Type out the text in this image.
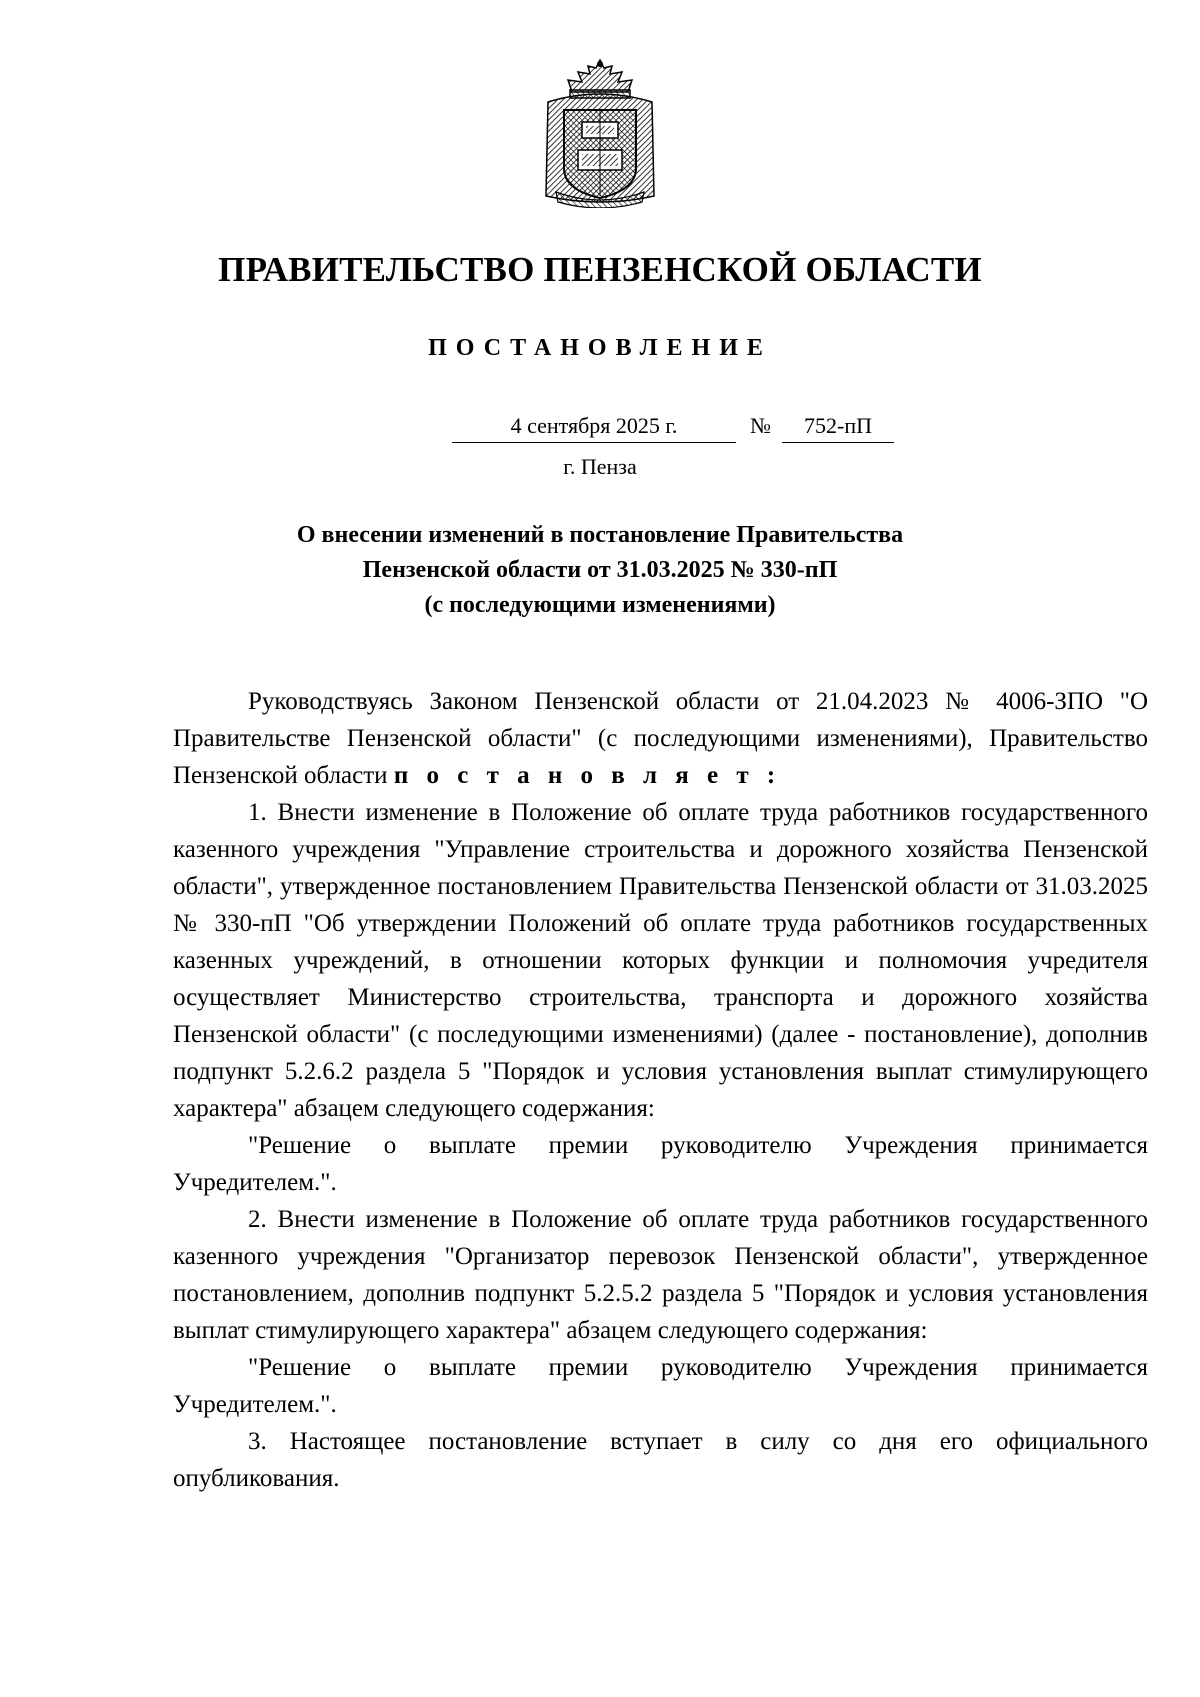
ПРАВИТЕЛЬСТВО ПЕНЗЕНСКОЙ ОБЛАСТИ
ПОСТАНОВЛЕНИЕ
4 сентября 2025 г.	№	752-пП
г. Пенза
О внесении изменений в постановление Правительства
Пензенской области от 31.03.2025 № 330-пП
(с последующими изменениями)

Руководствуясь Законом Пензенской области от 21.04.2023 № 4006-ЗПО "О Правительстве Пензенской области" (с последующими изменениями), Правительство Пензенской области п о с т а н о в л я е т :

1. Внести изменение в Положение об оплате труда работников государственного казенного учреждения "Управление строительства и дорожного хозяйства Пензенской области", утвержденное постановлением Правительства Пензенской области от 31.03.2025 № 330-пП "Об утверждении Положений об оплате труда работников государственных казенных учреждений, в отношении которых функции и полномочия учредителя осуществляет Министерство строительства, транспорта и дорожного хозяйства Пензенской области" (с последующими изменениями) (далее - постановление), дополнив подпункт 5.2.6.2 раздела 5 "Порядок и условия установления выплат стимулирующего характера" абзацем следующего содержания:

"Решение о выплате премии руководителю Учреждения принимается Учредителем.".

2. Внести изменение в Положение об оплате труда работников государственного казенного учреждения "Организатор перевозок Пензенской области", утвержденное постановлением, дополнив подпункт 5.2.5.2 раздела 5 "Порядок и условия установления выплат стимулирующего характера" абзацем следующего содержания:

"Решение о выплате премии руководителю Учреждения принимается Учредителем.".

3. Настоящее постановление вступает в силу со дня его официального опубликования.
